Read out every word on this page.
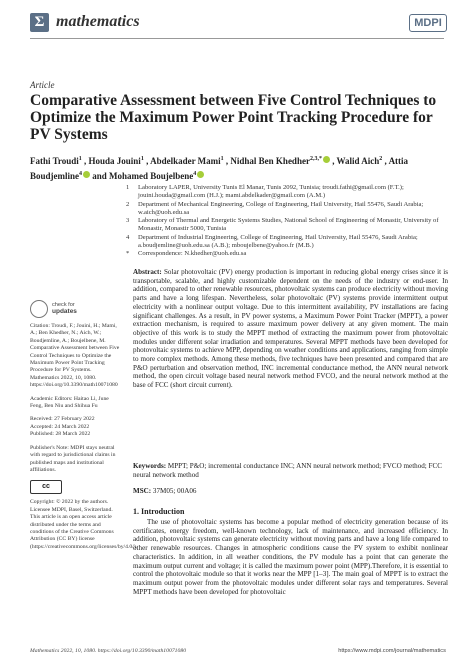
Σ mathematics	MDPI
Article
Comparative Assessment between Five Control Techniques to Optimize the Maximum Power Point Tracking Procedure for PV Systems
Fathi Troudi$^1$ , Houda Jouini$^1$ , Abdelkader Mami$^1$ , Nidhal Ben Khedher$^{2,3,*}$ , Walid Aich$^2$ , Attia Boudjemline$^4$ and Mohamed Boujelbene$^4$
1	Laboratory LAPER, University Tunis El Manar, Tunis 2092, Tunisia; troudi.fathi@gmail.com (F.T.); jouini.houda@gmail.com (H.J.); mami.abdelkader@gmail.com (A.M.)
2	Department of Mechanical Engineering, College of Engineering, Hail University, Hail 55476, Saudi Arabia; w.aich@uoh.edu.sa
3	Laboratory of Thermal and Energetic Systems Studies, National School of Engineering of Monastir, University of Monastir, Monastir 5000, Tunisia
4	Department of Industrial Engineering, College of Engineering, Hail University, Hail 55476, Saudi Arabia; a.boudjemline@uoh.edu.sa (A.B.); mboujelbene@yahoo.fr (M.B.)
*	Correspondence: N.khedher@uoh.edu.sa
check for
updates
Citation: Troudi, F.; Jouini, H.; Mami, A.; Ben Khedher, N.; Aich, W.; Boudjemline, A.; Boujelbene, M. Comparative Assessment between Five Control Techniques to Optimize the Maximum Power Point Tracking Procedure for PV Systems. Mathematics 2022, 10, 1080. https://doi.org/10.3390/math10071080
Academic Editors: Haitao Li, June Feng, Ben Niu and Shihua Fu
Received: 27 February 2022
Accepted: 24 March 2022
Published: 28 March 2022
Publisher's Note: MDPI stays neutral with regard to jurisdictional claims in published maps and institutional affiliations.
cc
Copyright: © 2022 by the authors. Licensee MDPI, Basel, Switzerland. This article is an open access article distributed under the terms and conditions of the Creative Commons Attribution (CC BY) license (https://creativecommons.org/licenses/by/4.0/).
Abstract: Solar photovoltaic (PV) energy production is important in reducing global energy crises since it is transportable, scalable, and highly customizable dependent on the needs of the industry or end-user. In addition, compared to other renewable resources, photovoltaic systems can produce electricity without moving parts and have a long lifespan. Nevertheless, solar photovoltaic (PV) systems provide intermittent output electricity with a nonlinear output voltage. Due to this intermittent availability, PV installations are facing significant challenges. As a result, in PV power systems, a Maximum Power Point Tracker (MPPT), a power extraction mechanism, is required to assure maximum power delivery at any given moment. The main objective of this work is to study the MPPT method of extracting the maximum power from photovoltaic modules under different solar irradiation and temperatures. Several MPPT methods have been developed for photovoltaic systems to achieve MPP, depending on weather conditions and applications, ranging from simple to more complex methods. Among these methods, five techniques have been presented and compared that are P&O perturbation and observation method, INC incremental conductance method, the ANN neural network method, the open circuit voltage based neural network method FVCO, and the neural network method at the base of FCC (short circuit current).
Keywords: MPPT; P&O; incremental conductance INC; ANN neural network method; FVCO method; FCC neural network method
MSC: 37M05; 00A06
1. Introduction
The use of photovoltaic systems has become a popular method of electricity generation because of its certificates, energy freedom, well-known technology, lack of maintenance, and increased efficiency. In addition, photovoltaic systems can generate electricity without moving parts and have a long life compared to other renewable resources. Changes in atmospheric conditions cause the PV system to exhibit nonlinear characteristics. In addition, in all weather conditions, the PV module has a point that can generate the maximum output current and voltage; it is called the maximum power point (MPP).Therefore, it is essential to control the photovoltaic module so that it works near the MPP [1–3]. The main goal of MPPT is to extract the maximum output power from the photovoltaic modules under different solar rays and temperatures. Several MPPT methods have been developed for photovoltaic
Mathematics 2022, 10, 1080. https://doi.org/10.3390/math10071080	https://www.mdpi.com/journal/mathematics
